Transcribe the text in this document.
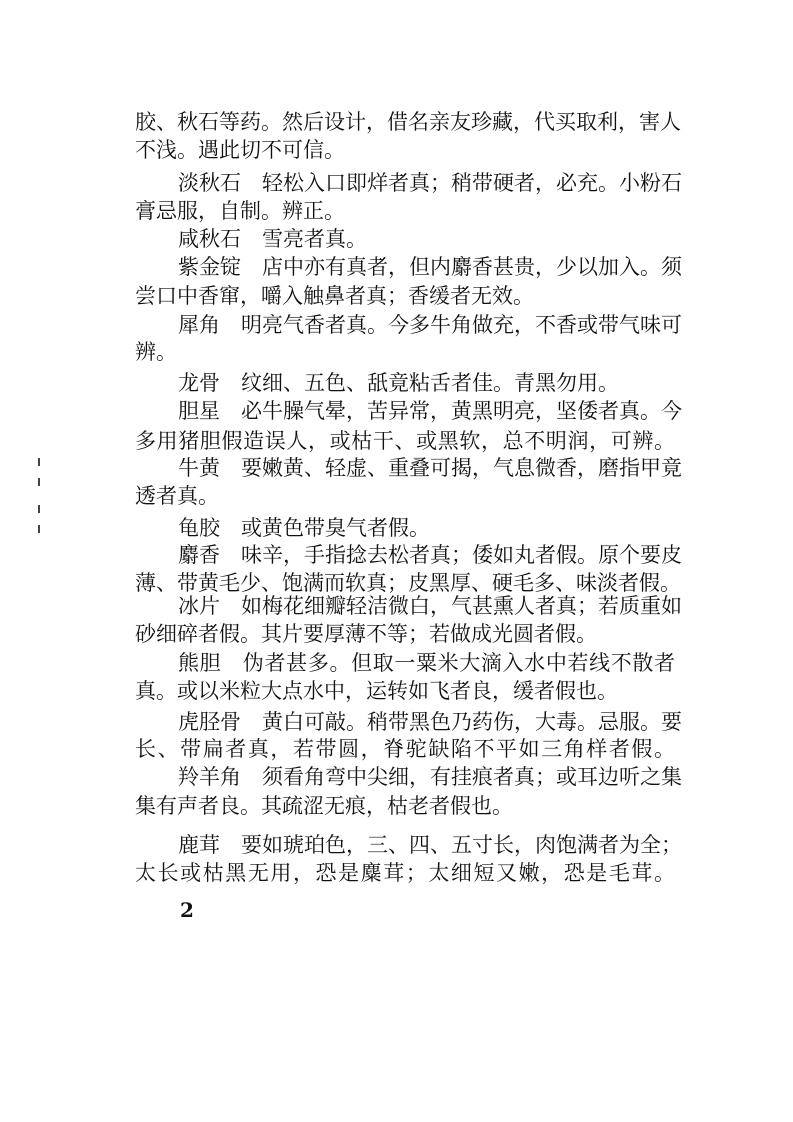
胶、秋石等药。然后设计，借名亲友珍藏，代买取利，害人
不浅。遇此切不可信。
淡秋石　轻松入口即烊者真；稍带硬者，必充。小粉石
膏忌服，自制。辨正。
咸秋石　雪亮者真。
紫金锭　店中亦有真者，但内麝香甚贵，少以加入。须
尝口中香窜，嚼入触鼻者真；香缓者无效。
犀角　明亮气香者真。今多牛角做充，不香或带气味可
辨。
龙骨　纹细、五色、舐竟粘舌者佳。青黑勿用。
胆星　必牛臊气晕，苦异常，黄黑明亮，坚倭者真。今
多用猪胆假造误人，或枯干、或黑软，总不明润，可辨。
牛黄　要嫩黄、轻虚、重叠可揭，气息微香，磨指甲竟
透者真。
龟胶　或黄色带臭气者假。
麝香　味辛，手指捻去松者真；倭如丸者假。原个要皮
薄、带黄毛少、饱满而软真；皮黑厚、硬毛多、味淡者假。
冰片　如梅花细瓣轻洁微白，气甚熏人者真；若质重如
砂细碎者假。其片要厚薄不等；若做成光圆者假。
熊胆　伪者甚多。但取一粟米大滴入水中若线不散者
真。或以米粒大点水中，运转如飞者良，缓者假也。
虎胫骨　黄白可敲。稍带黑色乃药伤，大毒。忌服。要
长、带扁者真，若带圆，脊驼缺陷不平如三角样者假。
羚羊角　须看角弯中尖细，有挂痕者真；或耳边听之集
集有声者良。其疏涩无痕，枯老者假也。
鹿茸　要如琥珀色，三、四、五寸长，肉饱满者为全；
太长或枯黑无用，恐是麋茸；太细短又嫩，恐是毛茸。
2
